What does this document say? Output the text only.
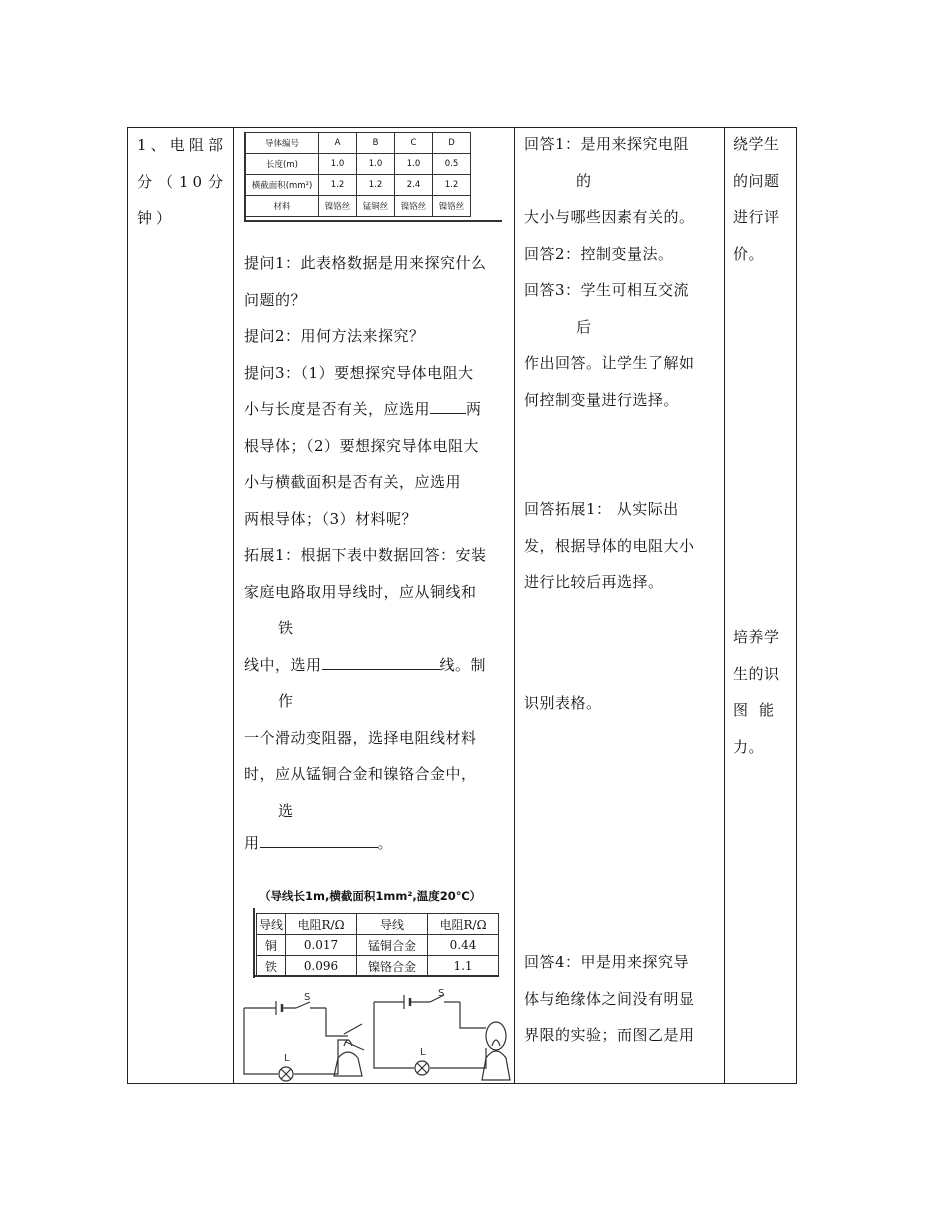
1、电阻部分（10分钟）

导体编号	A	B	C	D
长度(m)	1.0	1.0	1.0	0.5
横截面积(mm²)	1.2	1.2	2.4	1.2
材料	镍铬丝	锰铜丝	镍铬丝	镍铬丝

提问1：此表格数据是用来探究什么

问题的？

提问2：用何方法来探究？

提问3：（1）要想探究导体电阻大

小与长度是否有关，应选用 两

根导体；（2）要想探究导体电阻大

小与横截面积是否有关，应选用

两根导体；（3）材料呢？

拓展1：根据下表中数据回答：安装

家庭电路取用导线时，应从铜线和

铁

线中，选用	线。制

作

一个滑动变阻器，选择电阻线材料

时，应从锰铜合金和镍铬合金中，

选

用	。

回答1：是用来探究电阻

的

大小与哪些因素有关的。

回答2：控制变量法。

回答3：学生可相互交流

后

作出回答。让学生了解如

何控制变量进行选择。

回答拓展1： 从实际出

发，根据导体的电阻大小

进行比较后再选择。

识别表格。

回答4：甲是用来探究导

体与绝缘体之间没有明显

界限的实验；而图乙是用

绕学生

的问题

进行评

价。

培养学

生的识

图  能

力。

（导线长1m,横截面积1mm²,温度20℃）
导线	电阻R/Ω	导线	电阻R/Ω
铜	0.017	锰铜合金	0.44
铁	0.096	镍铬合金	1.1
S
L
S
L
